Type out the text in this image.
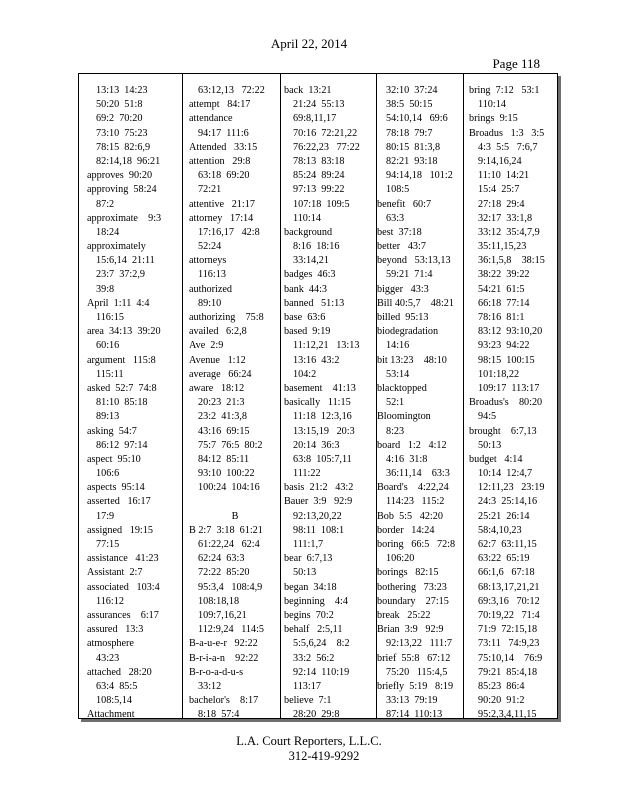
April 22, 2014
Page 118
13:13  14:23
50:20  51:8
69:2  70:20
73:10  75:23
78:15  82:6,9
82:14,18  96:21
approves  90:20
approving  58:24
87:2
approximate    9:3
18:24
approximately
15:6,14  21:11
23:7  37:2,9
39:8
April  1:11  4:4
116:15
area  34:13  39:20
60:16
argument   115:8
115:11
asked  52:7  74:8
81:10  85:18
89:13
asking  54:7
86:12  97:14
aspect  95:10
106:6
aspects  95:14
asserted   16:17
17:9
assigned   19:15
77:15
assistance   41:23
Assistant  2:7
associated   103:4
116:12
assurances    6:17
assured   13:3
atmosphere
43:23
attached   28:20
63:4  85:5
108:5,14
Attachment
63:12,13   72:22
attempt   84:17
attendance
94:17  111:6
Attended   33:15
attention   29:8
63:18  69:20
72:21
attentive   21:17
attorney   17:14
17:16,17   42:8
52:24
attorneys
116:13
authorized
89:10
authorizing    75:8
availed   6:2,8
Ave  2:9
Avenue   1:12
average   66:24
aware   18:12
20:23  21:3
23:2  41:3,8
43:16  69:15
75:7  76:5  80:2
84:12  85:11
93:10  100:22
100:24  104:16
B
B 2:7  3:18  61:21
61:22,24   62:4
62:24  63:3
72:22  85:20
95:3,4   108:4,9
108:18,18
109:7,16,21
112:9,24   114:5
B-a-u-e-r   92:22
B-r-i-a-n    92:22
B-r-o-a-d-u-s
33:12
bachelor's    8:17
8:18  57:4
back  13:21
21:24  55:13
69:8,11,17
70:16  72:21,22
76:22,23   77:22
78:13  83:18
85:24  89:24
97:13  99:22
107:18  109:5
110:14
background
8:16  18:16
33:14,21
badges  46:3
bank  44:3
banned   51:13
base  63:6
based  9:19
11:12,21   13:13
13:16  43:2
104:2
basement    41:13
basically   11:15
11:18  12:3,16
13:15,19   20:3
20:14  36:3
63:8  105:7,11
111:22
basis  21:2   43:2
Bauer  3:9   92:9
92:13,20,22
98:11  108:1
111:1,7
bear  6:7,13
50:13
began  34:18
beginning    4:4
begins  70:2
behalf   2:5,11
5:5,6,24    8:2
33:2  56:2
92:14  110:19
113:17
believe  7:1
28:20  29:8
32:10  37:24
38:5  50:15
54:10,14   69:6
78:18  79:7
80:15  81:3,8
82:21  93:18
94:14,18   101:2
108:5
benefit   60:7
63:3
best  37:18
better   43:7
beyond   53:13,13
59:21  71:4
bigger   43:3
Bill 40:5,7    48:21
billed  95:13
biodegradation
14:16
bit 13:23    48:10
53:14
blacktopped
52:1
Bloomington
8:23
board   1:2   4:12
4:16  31:8
36:11,14    63:3
Board's    4:22,24
114:23   115:2
Bob  5:5   42:20
border   14:24
boring   66:5   72:8
106:20
borings   82:15
bothering   73:23
boundary    27:15
break   25:22
Brian  3:9   92:9
92:13,22   111:7
brief  55:8   67:12
75:20   115:4,5
briefly  5:19   8:19
33:13  79:19
87:14  110:13
bring  7:12   53:1
110:14
brings  9:15
Broadus   1:3   3:5
4:3  5:5   7:6,7
9:14,16,24
11:10  14:21
15:4  25:7
27:18  29:4
32:17  33:1,8
33:12  35:4,7,9
35:11,15,23
36:1,5,8    38:15
38:22  39:22
54:21  61:5
66:18  77:14
78:16  81:1
83:12  93:10,20
93:23  94:22
98:15  100:15
101:18,22
109:17  113:17
Broadus's    80:20
94:5
brought    6:7,13
50:13
budget   4:14
10:14  12:4,7
12:11,23   23:19
24:3  25:14,16
25:21  26:14
58:4,10,23
62:7  63:11,15
63:22  65:19
66:1,6   67:18
68:13,17,21,21
69:3,16   70:12
70:19,22   71:4
71:9  72:15,18
73:11   74:9,23
75:10,14    76:9
79:21  85:4,18
85:23  86:4
90:20  91:2
95:2,3,4,11,15
L.A. Court Reporters, L.L.C.
312-419-9292
